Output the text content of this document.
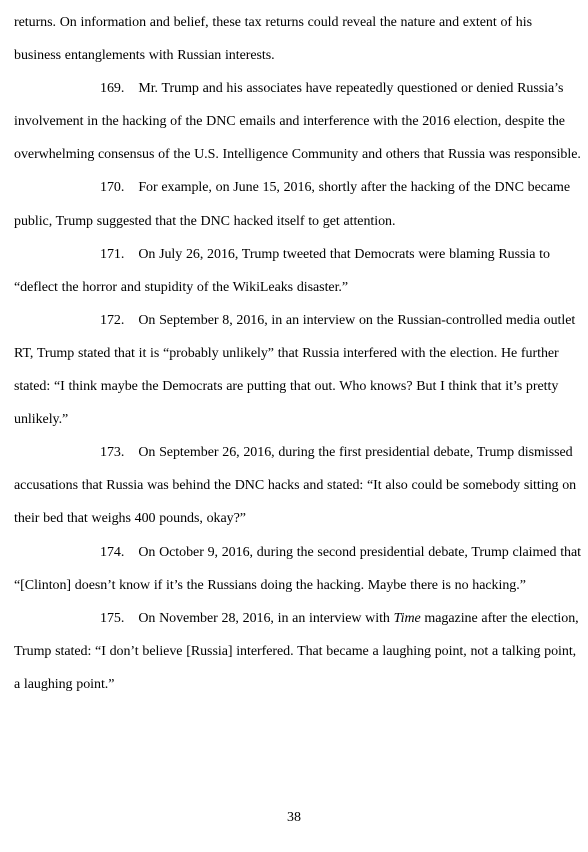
returns. On information and belief, these tax returns could reveal the nature and extent of his business entanglements with Russian interests.

169. Mr. Trump and his associates have repeatedly questioned or denied Russia’s involvement in the hacking of the DNC emails and interference with the 2016 election, despite the overwhelming consensus of the U.S. Intelligence Community and others that Russia was responsible.

170. For example, on June 15, 2016, shortly after the hacking of the DNC became public, Trump suggested that the DNC hacked itself to get attention.

171. On July 26, 2016, Trump tweeted that Democrats were blaming Russia to “deflect the horror and stupidity of the WikiLeaks disaster.”

172. On September 8, 2016, in an interview on the Russian-controlled media outlet RT, Trump stated that it is “probably unlikely” that Russia interfered with the election. He further stated: “I think maybe the Democrats are putting that out. Who knows? But I think that it’s pretty unlikely.”

173. On September 26, 2016, during the first presidential debate, Trump dismissed accusations that Russia was behind the DNC hacks and stated: “It also could be somebody sitting on their bed that weighs 400 pounds, okay?”

174. On October 9, 2016, during the second presidential debate, Trump claimed that “[Clinton] doesn’t know if it’s the Russians doing the hacking. Maybe there is no hacking.”

175. On November 28, 2016, in an interview with Time magazine after the election, Trump stated: “I don’t believe [Russia] interfered. That became a laughing point, not a talking point, a laughing point.”

38
